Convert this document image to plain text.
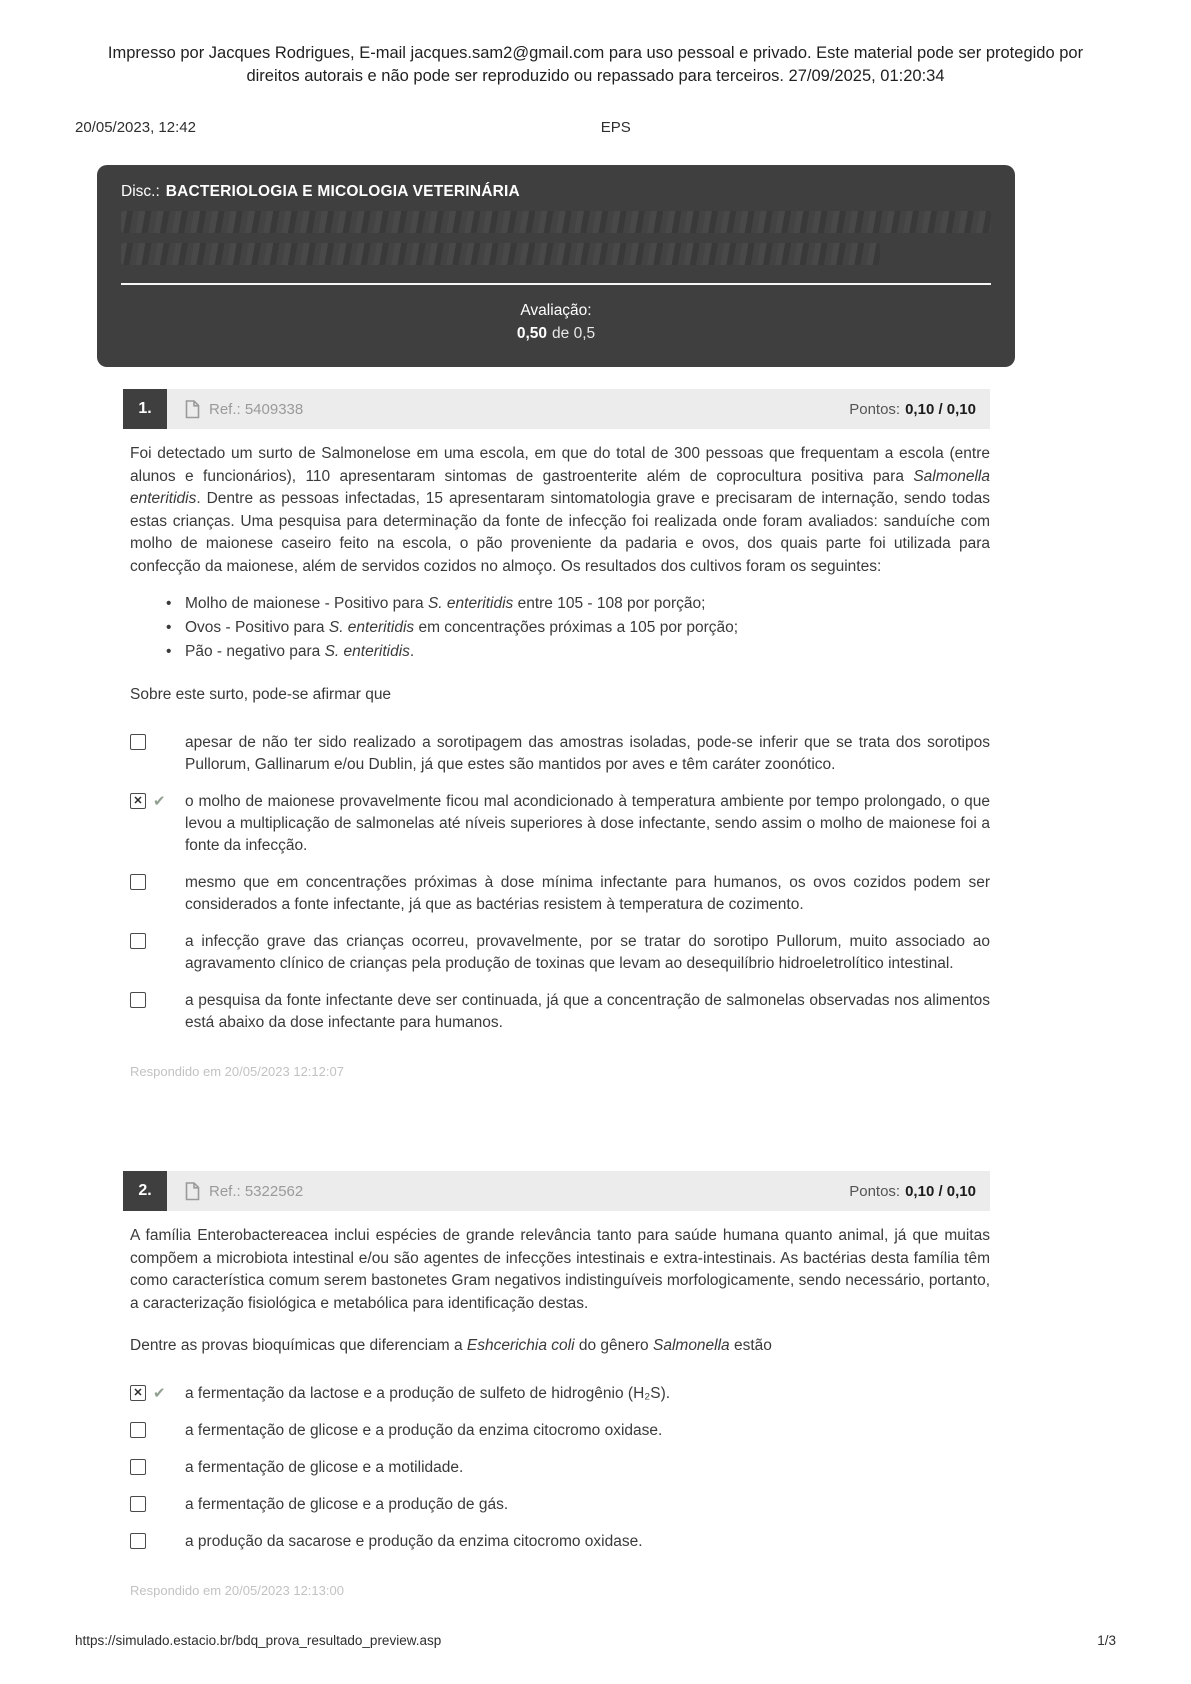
Impresso por Jacques Rodrigues, E-mail jacques.sam2@gmail.com para uso pessoal e privado. Este material pode ser protegido por
direitos autorais e não pode ser reproduzido ou repassado para terceiros. 27/09/2025, 01:20:34
20/05/2023, 12:42	EPS
Disc.: BACTERIOLOGIA E MICOLOGIA VETERINÁRIA
Avaliação:
0,50 de 0,5
1.	Ref.: 5409338	Pontos: 0,10 / 0,10

Foi detectado um surto de Salmonelose em uma escola, em que do total de 300 pessoas que frequentam a escola (entre alunos e funcionários), 110 apresentaram sintomas de gastroenterite além de coprocultura positiva para Salmonella enteritidis. Dentre as pessoas infectadas, 15 apresentaram sintomatologia grave e precisaram de internação, sendo todas estas crianças. Uma pesquisa para determinação da fonte de infecção foi realizada onde foram avaliados: sanduíche com molho de maionese caseiro feito na escola, o pão proveniente da padaria e ovos, dos quais parte foi utilizada para confecção da maionese, além de servidos cozidos no almoço. Os resultados dos cultivos foram os seguintes:

• Molho de maionese - Positivo para S. enteritidis entre 105 - 108 por porção;
• Ovos - Positivo para S. enteritidis em concentrações próximas a 105 por porção;
• Pão - negativo para S. enteritidis.

Sobre este surto, pode-se afirmar que

apesar de não ter sido realizado a sorotipagem das amostras isoladas, pode-se inferir que se trata dos sorotipos Pullorum, Gallinarum e/ou Dublin, já que estes são mantidos por aves e têm caráter zoonótico.
✕ ✔ o molho de maionese provavelmente ficou mal acondicionado à temperatura ambiente por tempo prolongado, o que levou a multiplicação de salmonelas até níveis superiores à dose infectante, sendo assim o molho de maionese foi a fonte da infecção.
mesmo que em concentrações próximas à dose mínima infectante para humanos, os ovos cozidos podem ser considerados a fonte infectante, já que as bactérias resistem à temperatura de cozimento.
a infecção grave das crianças ocorreu, provavelmente, por se tratar do sorotipo Pullorum, muito associado ao agravamento clínico de crianças pela produção de toxinas que levam ao desequilíbrio hidroeletrolítico intestinal.
a pesquisa da fonte infectante deve ser continuada, já que a concentração de salmonelas observadas nos alimentos está abaixo da dose infectante para humanos.
Respondido em 20/05/2023 12:12:07
2.	Ref.: 5322562	Pontos: 0,10 / 0,10

A família Enterobactereacea inclui espécies de grande relevância tanto para saúde humana quanto animal, já que muitas compõem a microbiota intestinal e/ou são agentes de infecções intestinais e extra-intestinais. As bactérias desta família têm como característica comum serem bastonetes Gram negativos indistinguíveis morfologicamente, sendo necessário, portanto, a caracterização fisiológica e metabólica para identificação destas.

Dentre as provas bioquímicas que diferenciam a Eshcerichia coli do gênero Salmonella estão

✕ ✔ a fermentação da lactose e a produção de sulfeto de hidrogênio (H₂S).
a fermentação de glicose e a produção da enzima citocromo oxidase.
a fermentação de glicose e a motilidade.
a fermentação de glicose e a produção de gás.
a produção da sacarose e produção da enzima citocromo oxidase.
Respondido em 20/05/2023 12:13:00
https://simulado.estacio.br/bdq_prova_resultado_preview.asp	1/3
